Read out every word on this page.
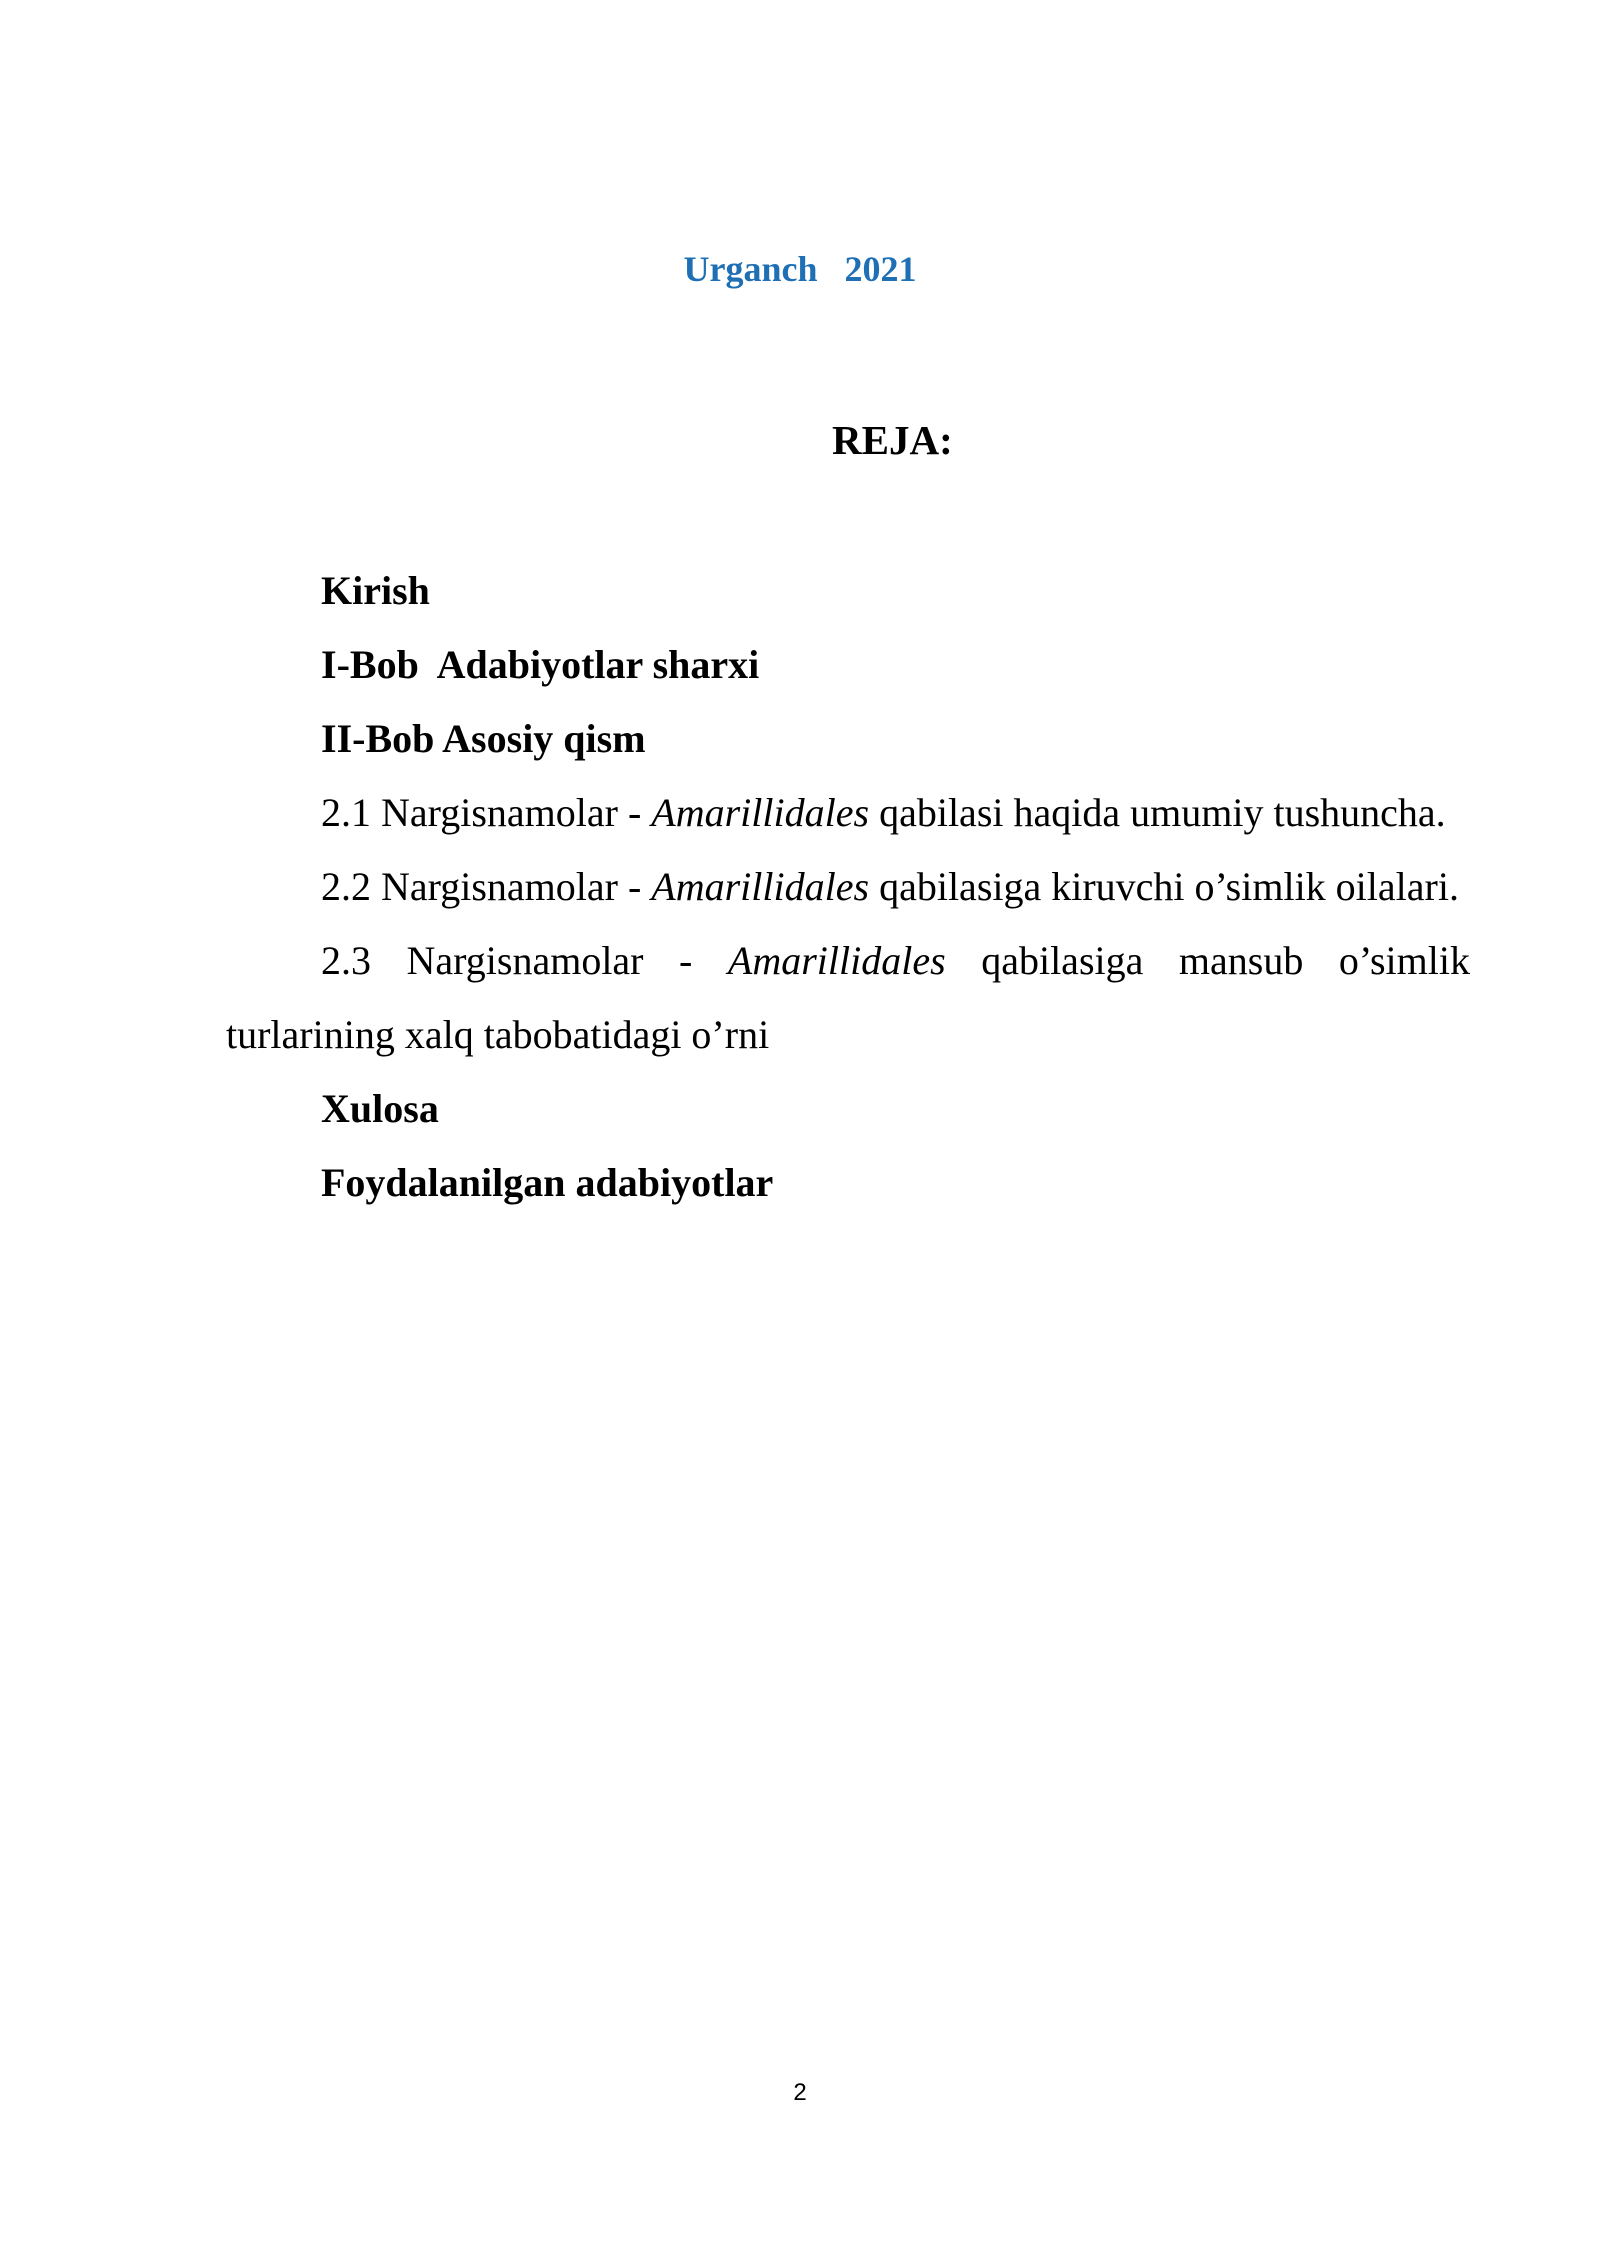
Urganch   2021
REJA:

Kirish

I-Bob  Adabiyotlar sharxi

II-Bob Asosiy qism

2.1 Nargisnamolar - Amarillidales qabilasi haqida umumiy tushuncha.

2.2 Nargisnamolar - Amarillidales qabilasiga kiruvchi o’simlik oilalari.

2.3 Nargisnamolar - Amarillidales qabilasiga mansub o’simlik turlarining xalq tabobatidagi o’rni

Xulosa

Foydalanilgan adabiyotlar

2
